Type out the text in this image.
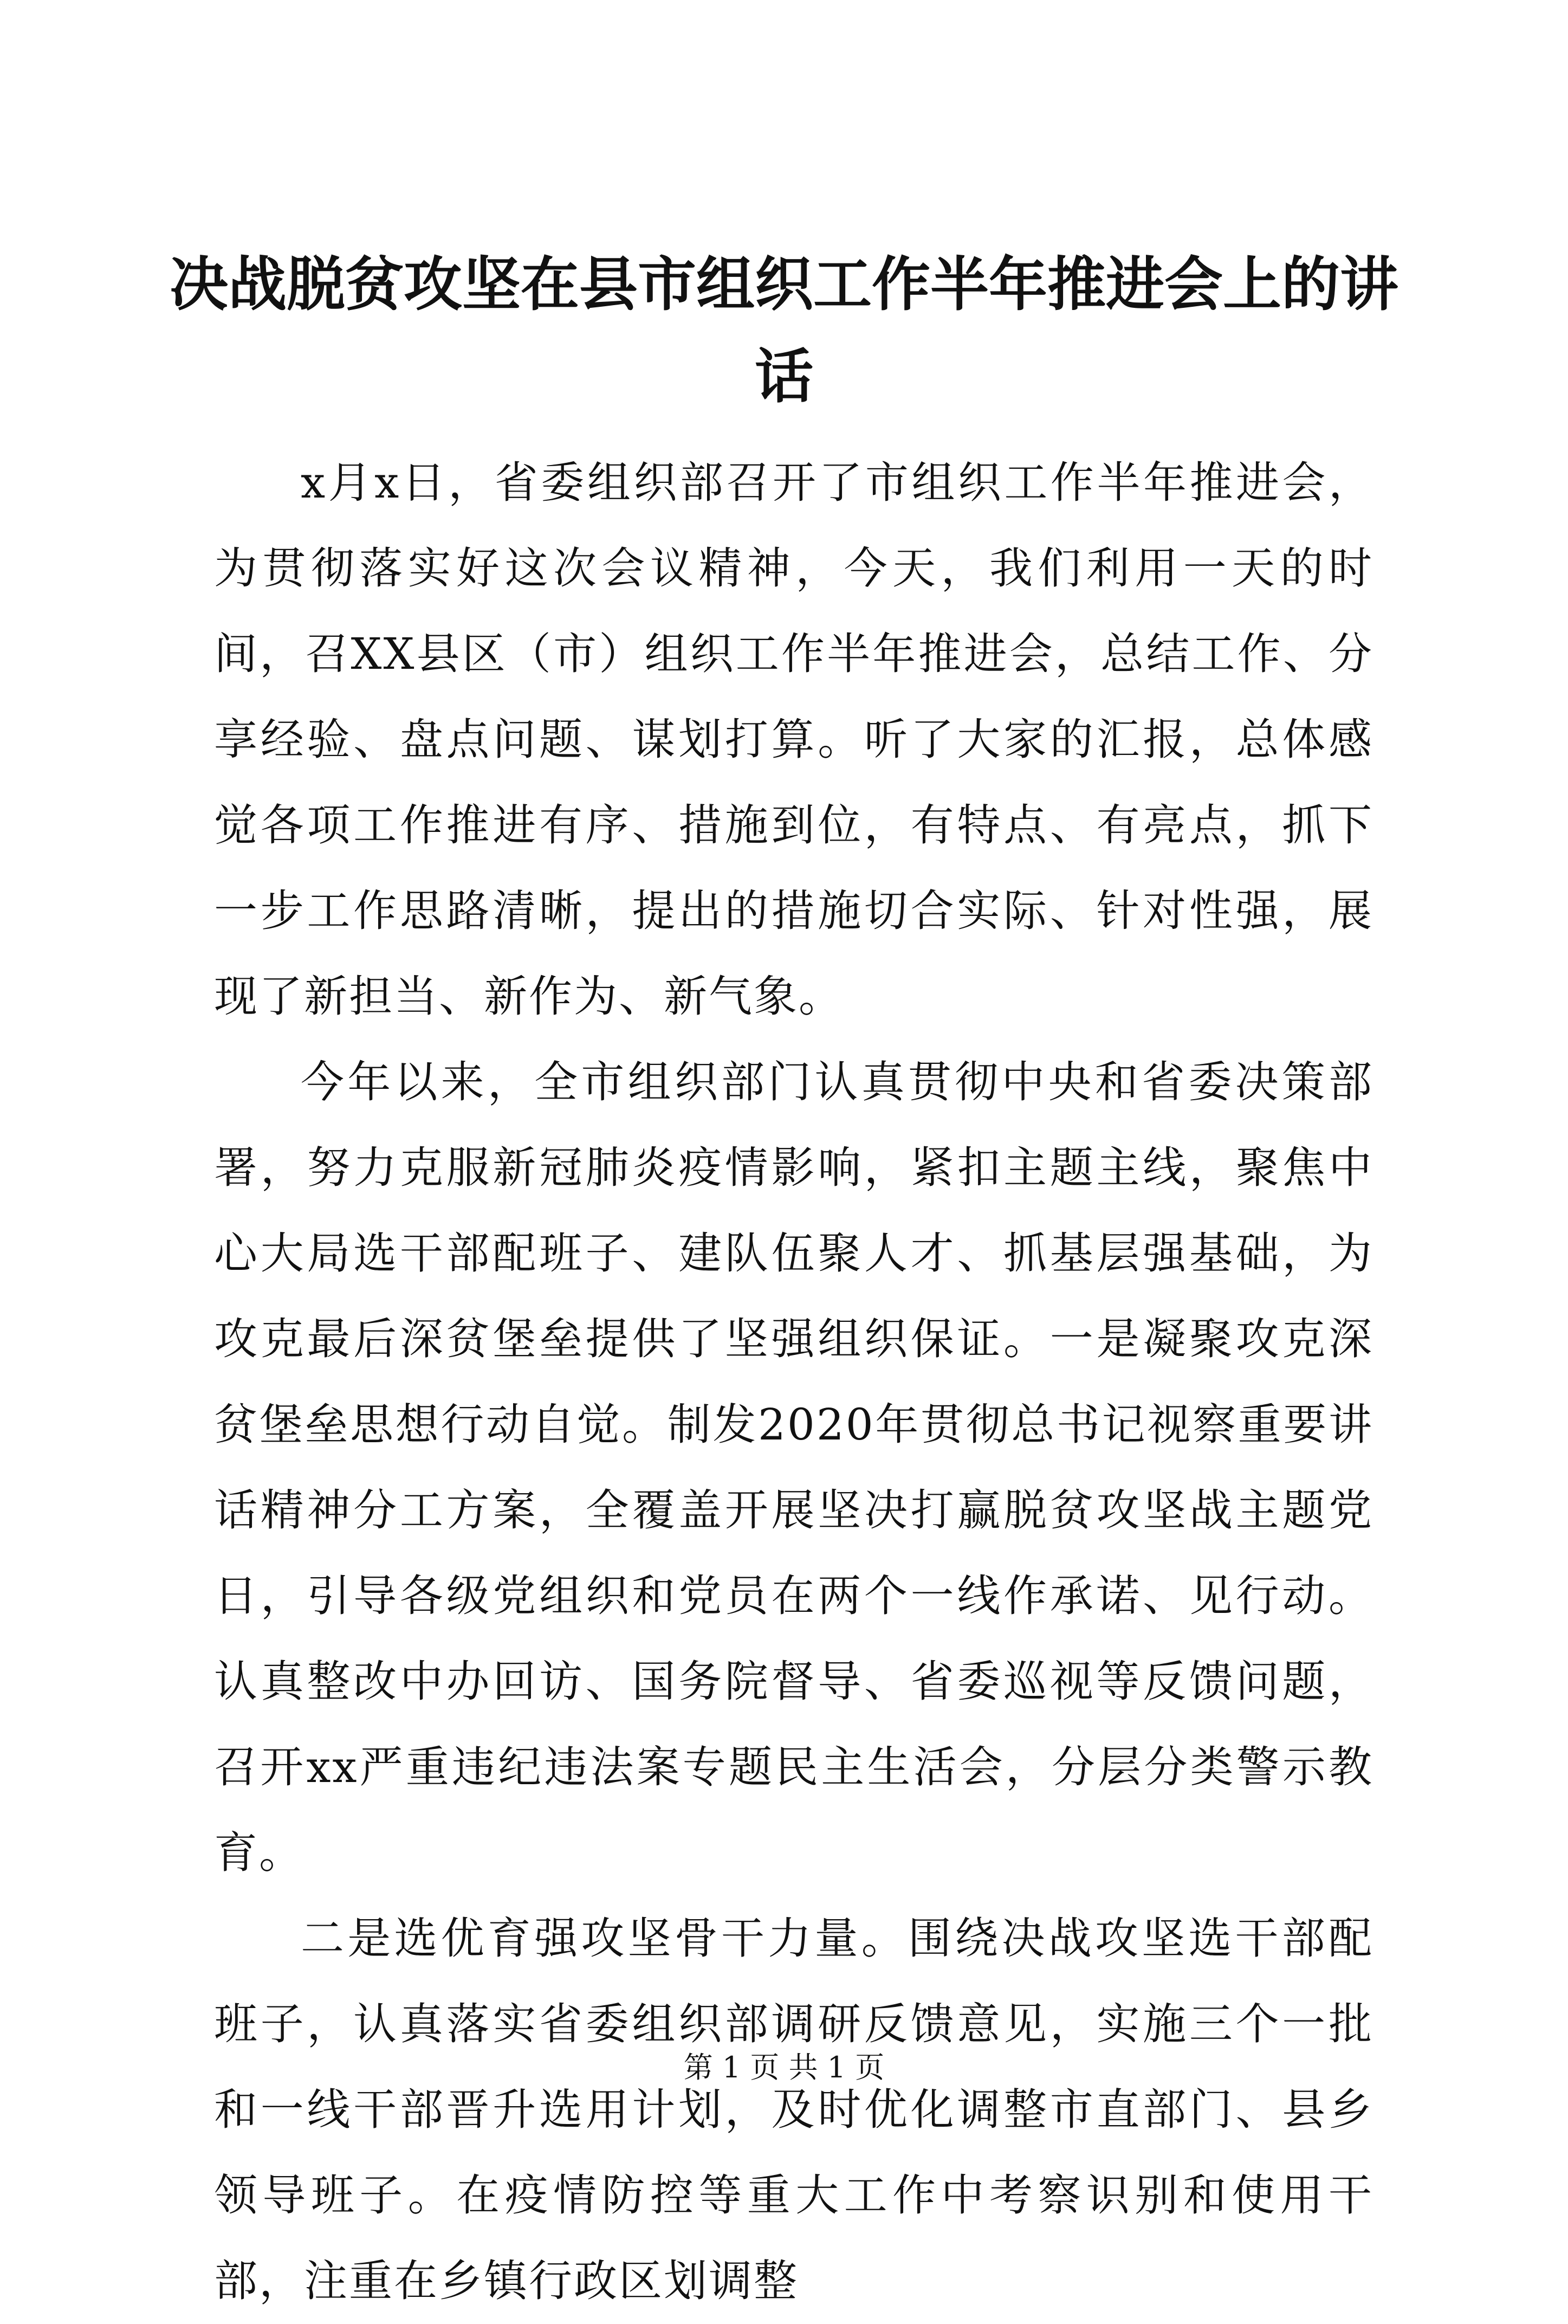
决战脱贫攻坚在县市组织工作半年推进会上的讲话

x月x日，省委组织部召开了市组织工作半年推进会，为贯彻落实好这次会议精神，今天，我们利用一天的时间，召XX县区（市）组织工作半年推进会，总结工作、分享经验、盘点问题、谋划打算。听了大家的汇报，总体感觉各项工作推进有序、措施到位，有特点、有亮点，抓下一步工作思路清晰，提出的措施切合实际、针对性强，展现了新担当、新作为、新气象。

今年以来，全市组织部门认真贯彻中央和省委决策部署，努力克服新冠肺炎疫情影响，紧扣主题主线，聚焦中心大局选干部配班子、建队伍聚人才、抓基层强基础，为攻克最后深贫堡垒提供了坚强组织保证。一是凝聚攻克深贫堡垒思想行动自觉。制发2020年贯彻总书记视察重要讲话精神分工方案，全覆盖开展坚决打赢脱贫攻坚战主题党日，引导各级党组织和党员在两个一线作承诺、见行动。认真整改中办回访、国务院督导、省委巡视等反馈问题，召开xx严重违纪违法案专题民主生活会，分层分类警示教育。

二是选优育强攻坚骨干力量。围绕决战攻坚选干部配班子，认真落实省委组织部调研反馈意见，实施三个一批和一线干部晋升选用计划，及时优化调整市直部门、县乡领导班子。在疫情防控等重大工作中考察识别和使用干部，注重在乡镇行政区划调整

第 1 页 共 1 页
